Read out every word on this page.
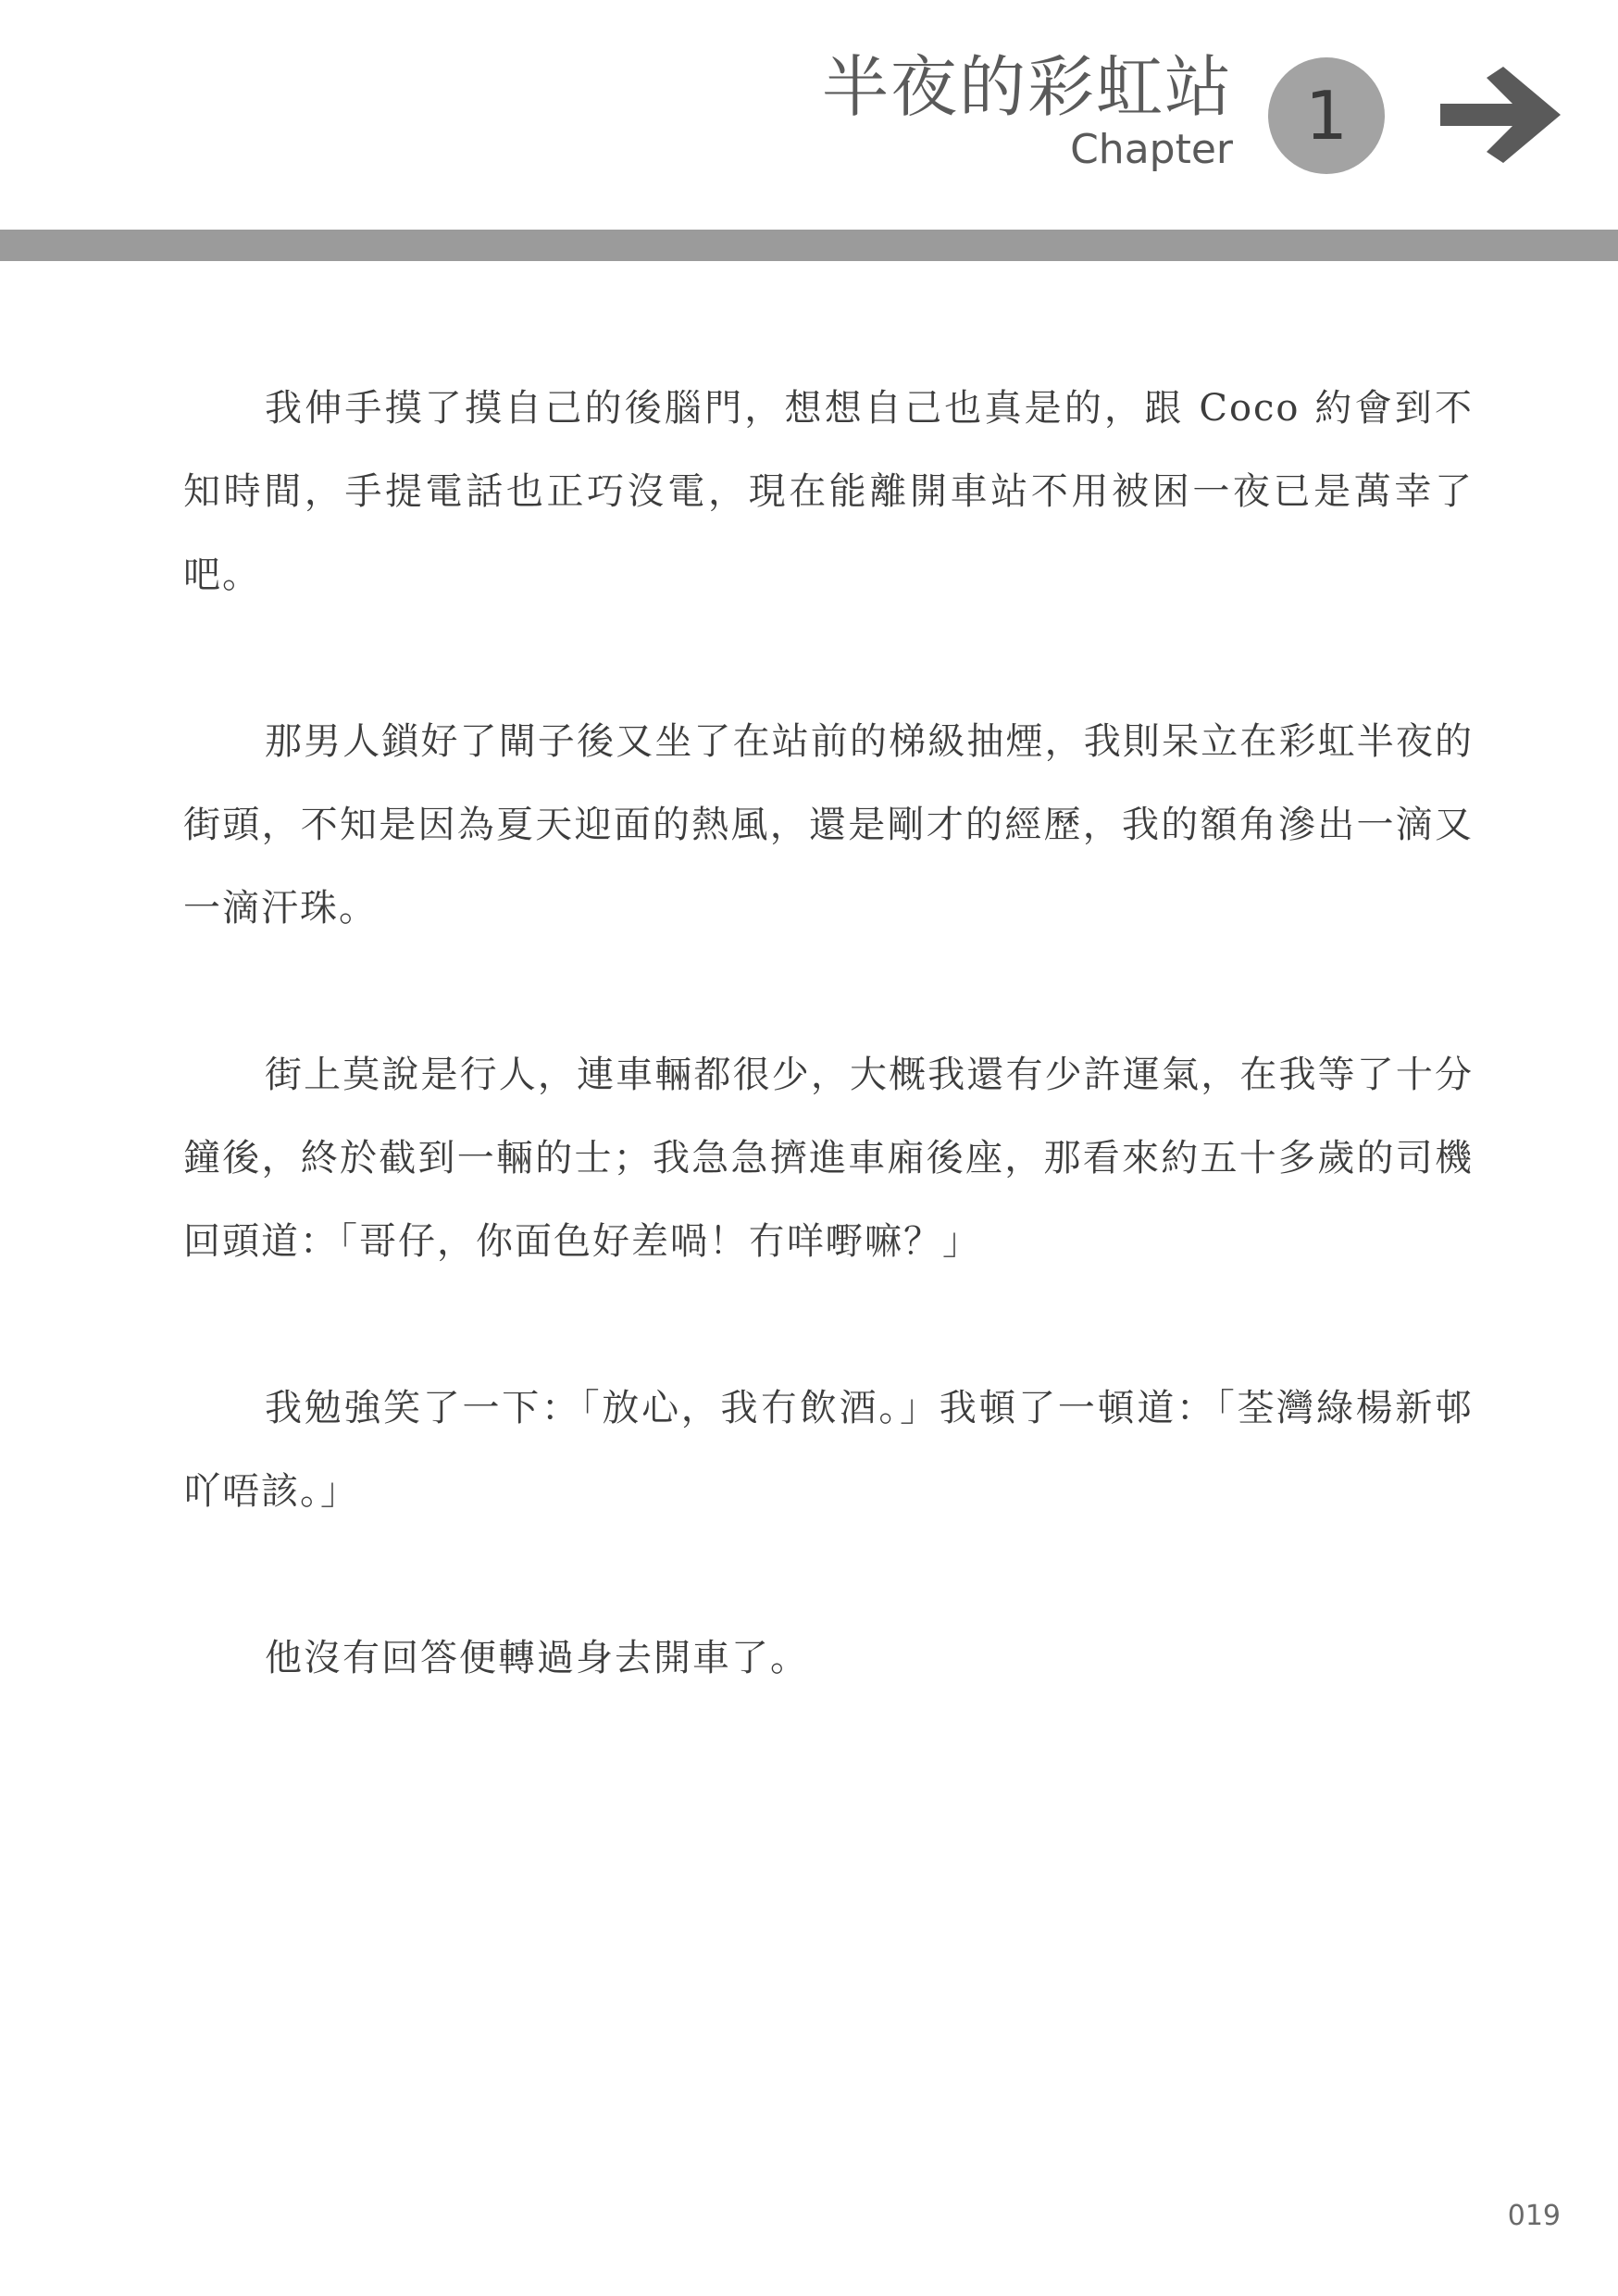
半夜的彩虹站
Chapter 1

我伸手摸了摸自己的後腦門，想想自己也真是的，跟 Coco 約會到不知時間，手提電話也正巧沒電，現在能離開車站不用被困一夜已是萬幸了吧。

那男人鎖好了閘子後又坐了在站前的梯級抽煙，我則呆立在彩虹半夜的街頭，不知是因為夏天迎面的熱風，還是剛才的經歷，我的額角滲出一滴又一滴汗珠。

街上莫說是行人，連車輛都很少，大概我還有少許運氣，在我等了十分鐘後，終於截到一輛的士；我急急擠進車廂後座，那看來約五十多歲的司機回頭道：「哥仔，你面色好差喎！冇咩嘢嘛？」

我勉強笑了一下：「放心，我冇飲酒。」我頓了一頓道：「荃灣綠楊新邨吖唔該。」

他沒有回答便轉過身去開車了。

019
